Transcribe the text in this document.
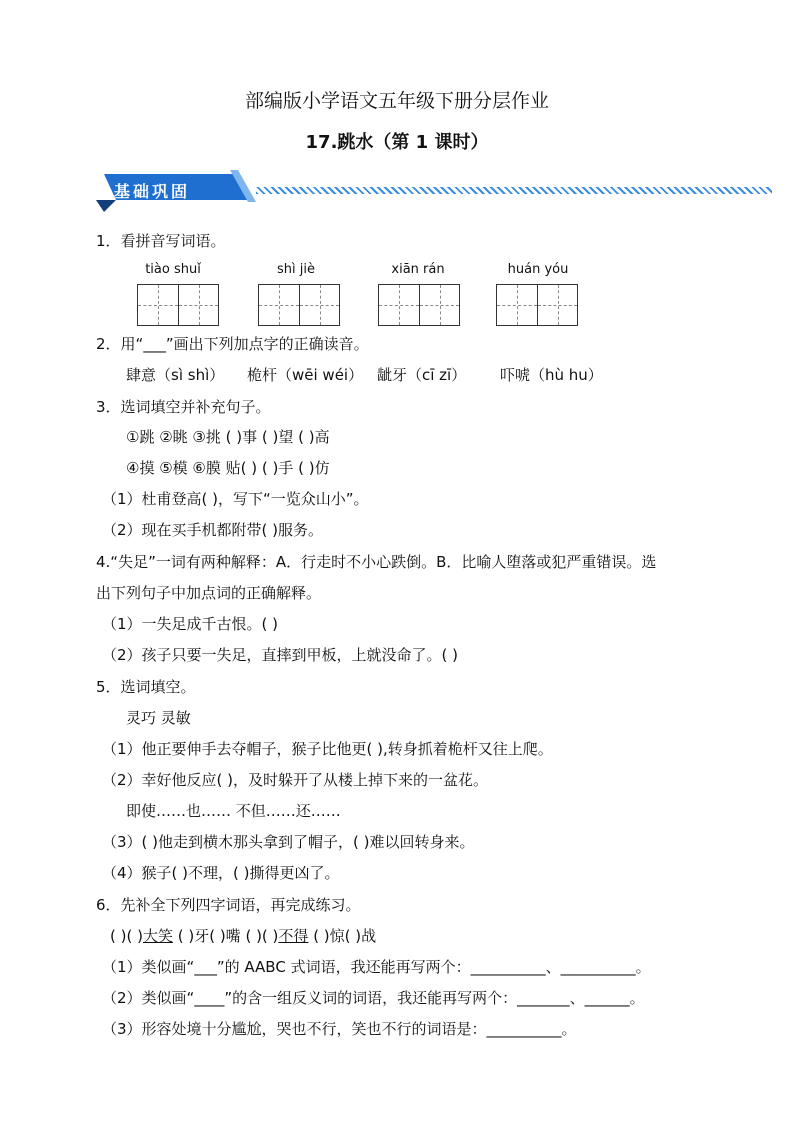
部编版小学语文五年级下册分层作业
17.跳水（第 1 课时）
基础巩固
1．看拼音写词语。
tiào shuǐ	shì jiè	xiān rán	huán yóu
2．用“___”画出下列加点字的正确读音。
肆意（sì shì） 桅杆（wēi wéi） 龇牙（cī zī） 吓唬（hù hu）
3．选词填空并补充句子。
①跳 ②眺 ③挑 ( )事 ( )望 ( )高
④摸 ⑤模 ⑥膜 贴( ) ( )手 ( )仿
（1）杜甫登高( )，写下“一览众山小”。
（2）现在买手机都附带( )服务。
4.“失足”一词有两种解释：A．行走时不小心跌倒。B．比喻人堕落或犯严重错误。选
出下列句子中加点词的正确解释。
（1）一失足成千古恨。( )
（2）孩子只要一失足，直摔到甲板，上就没命了。( )
5．选词填空。
灵巧 灵敏
（1）他正要伸手去夺帽子，猴子比他更( ),转身抓着桅杆又往上爬。
（2）幸好他反应( )，及时躲开了从楼上掉下来的一盆花。
即使……也…… 不但……还……
（3）( )他走到横木那头拿到了帽子，( )难以回转身来。
（4）猴子( )不理，( )撕得更凶了。
6．先补全下列四字词语，再完成练习。
( )( )大笑 ( )牙( )嘴 ( )( )不得 ( )惊( )战
（1）类似画“___”的 AABC 式词语，我还能再写两个：__________、__________。
（2）类似画“____”的含一组反义词的词语，我还能再写两个：_______、______。
（3）形容处境十分尴尬，哭也不行，笑也不行的词语是：__________。
